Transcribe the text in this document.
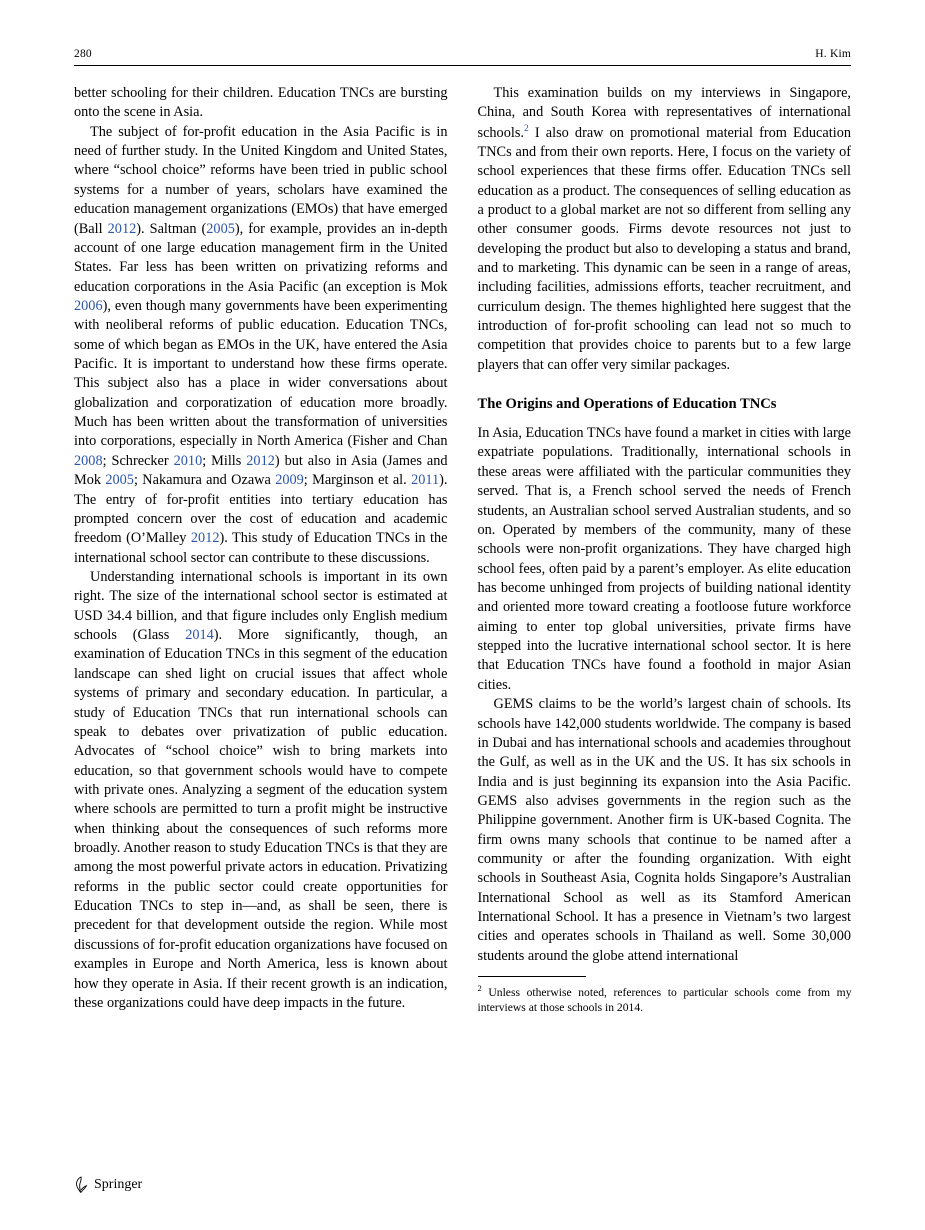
280	H. Kim

better schooling for their children. Education TNCs are bursting onto the scene in Asia.

The subject of for-profit education in the Asia Pacific is in need of further study. In the United Kingdom and United States, where “school choice” reforms have been tried in public school systems for a number of years, scholars have examined the education management organizations (EMOs) that have emerged (Ball 2012). Saltman (2005), for example, provides an in-depth account of one large education management firm in the United States. Far less has been written on privatizing reforms and education corporations in the Asia Pacific (an exception is Mok 2006), even though many governments have been experimenting with neoliberal reforms of public education. Education TNCs, some of which began as EMOs in the UK, have entered the Asia Pacific. It is important to understand how these firms operate. This subject also has a place in wider conversations about globalization and corporatization of education more broadly. Much has been written about the transformation of universities into corporations, especially in North America (Fisher and Chan 2008; Schrecker 2010; Mills 2012) but also in Asia (James and Mok 2005; Nakamura and Ozawa 2009; Marginson et al. 2011). The entry of for-profit entities into tertiary education has prompted concern over the cost of education and academic freedom (O’Malley 2012). This study of Education TNCs in the international school sector can contribute to these discussions.

Understanding international schools is important in its own right. The size of the international school sector is estimated at USD 34.4 billion, and that figure includes only English medium schools (Glass 2014). More significantly, though, an examination of Education TNCs in this segment of the education landscape can shed light on crucial issues that affect whole systems of primary and secondary education. In particular, a study of Education TNCs that run international schools can speak to debates over privatization of public education. Advocates of “school choice” wish to bring markets into education, so that government schools would have to compete with private ones. Analyzing a segment of the education system where schools are permitted to turn a profit might be instructive when thinking about the consequences of such reforms more broadly. Another reason to study Education TNCs is that they are among the most powerful private actors in education. Privatizing reforms in the public sector could create opportunities for Education TNCs to step in—and, as shall be seen, there is precedent for that development outside the region. While most discussions of for-profit education organizations have focused on examples in Europe and North America, less is known about how they operate in Asia. If their recent growth is an indication, these organizations could have deep impacts in the future.

This examination builds on my interviews in Singapore, China, and South Korea with representatives of international schools.$^2$ I also draw on promotional material from Education TNCs and from their own reports. Here, I focus on the variety of school experiences that these firms offer. Education TNCs sell education as a product. The consequences of selling education as a product to a global market are not so different from selling any other consumer goods. Firms devote resources not just to developing the product but also to developing a status and brand, and to marketing. This dynamic can be seen in a range of areas, including facilities, admissions efforts, teacher recruitment, and curriculum design. The themes highlighted here suggest that the introduction of for-profit schooling can lead not so much to competition that provides choice to parents but to a few large players that can offer very similar packages.

The Origins and Operations of Education TNCs

In Asia, Education TNCs have found a market in cities with large expatriate populations. Traditionally, international schools in these areas were affiliated with the particular communities they served. That is, a French school served the needs of French students, an Australian school served Australian students, and so on. Operated by members of the community, many of these schools were non-profit organizations. They have charged high school fees, often paid by a parent’s employer. As elite education has become unhinged from projects of building national identity and oriented more toward creating a footloose future workforce aiming to enter top global universities, private firms have stepped into the lucrative international school sector. It is here that Education TNCs have found a foothold in major Asian cities.

GEMS claims to be the world’s largest chain of schools. Its schools have 142,000 students worldwide. The company is based in Dubai and has international schools and academies throughout the Gulf, as well as in the UK and the US. It has six schools in India and is just beginning its expansion into the Asia Pacific. GEMS also advises governments in the region such as the Philippine government. Another firm is UK-based Cognita. The firm owns many schools that continue to be named after a community or after the founding organization. With eight schools in Southeast Asia, Cognita holds Singapore’s Australian International School as well as its Stamford American International School. It has a presence in Vietnam’s two largest cities and operates schools in Thailand as well. Some 30,000 students around the globe attend international

$^2$ Unless otherwise noted, references to particular schools come from my interviews at those schools in 2014.

Springer
